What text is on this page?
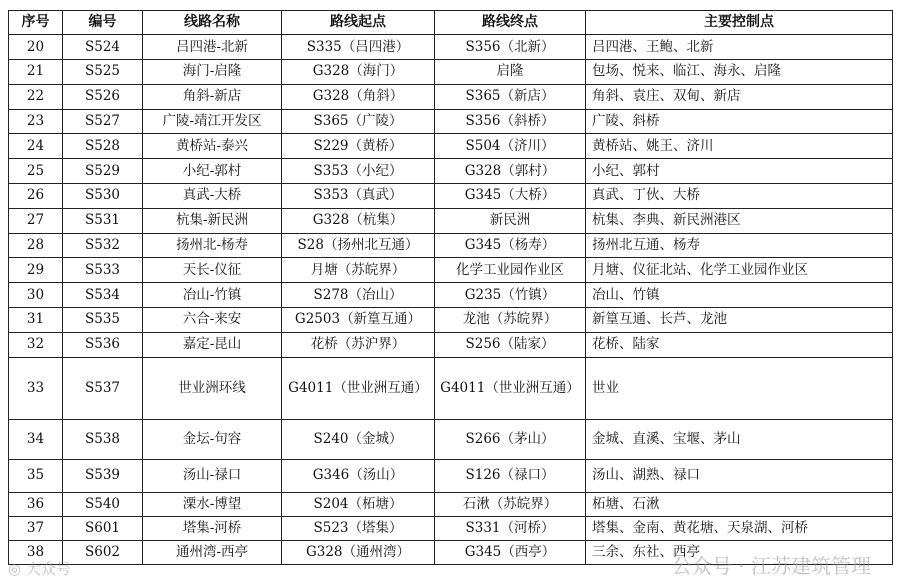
序号	编号	线路名称	路线起点	路线终点	主要控制点
20	S524	吕四港-北新	S335（吕四港）	S356（北新）	吕四港、王鲍、北新
21	S525	海门-启隆	G328（海门）	启隆	包场、悦来、临江、海永、启隆
22	S526	角斜-新店	G328（角斜）	S365（新店）	角斜、袁庄、双甸、新店
23	S527	广陵-靖江开发区	S365（广陵）	S356（斜桥）	广陵、斜桥
24	S528	黄桥站-泰兴	S229（黄桥）	S504（济川）	黄桥站、姚王、济川
25	S529	小纪-郭村	S353（小纪）	G328（郭村）	小纪、郭村
26	S530	真武-大桥	S353（真武）	G345（大桥）	真武、丁伙、大桥
27	S531	杭集-新民洲	G328（杭集）	新民洲	杭集、李典、新民洲港区
28	S532	扬州北-杨寿	S28（扬州北互通）	G345（杨寿）	扬州北互通、杨寿
29	S533	天长-仪征	月塘（苏皖界）	化学工业园作业区	月塘、仪征北站、化学工业园作业区
30	S534	冶山-竹镇	S278（冶山）	G235（竹镇）	冶山、竹镇
31	S535	六合-来安	G2503（新篁互通）	龙池（苏皖界）	新篁互通、长芦、龙池
32	S536	嘉定-昆山	花桥（苏沪界）	S256（陆家）	花桥、陆家
33	S537	世业洲环线	G4011（世业洲互通）	G4011（世业洲互通）	世业
34	S538	金坛-句容	S240（金城）	S266（茅山）	金城、直溪、宝堰、茅山
35	S539	汤山-禄口	G346（汤山）	S126（禄口）	汤山、湖熟、禄口
36	S540	溧水-博望	S204（柘塘）	石湫（苏皖界）	柘塘、石湫
37	S601	塔集-河桥	S523（塔集）	S331（河桥）	塔集、金南、黄花塘、天泉湖、河桥
38	S602	通州湾-西亭	G328（通州湾）	G345（西亭）	三余、东社、西亭
公众号 · 江苏建筑管理
◎ 大众号
